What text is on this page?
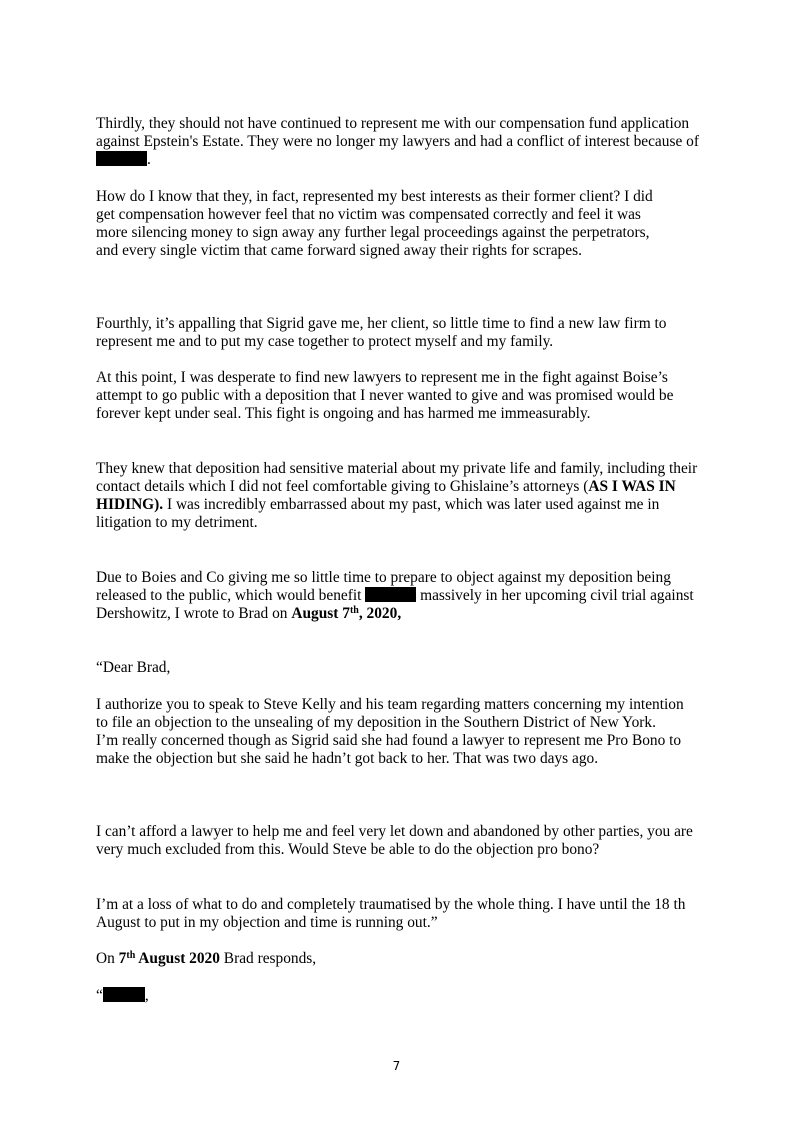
Thirdly, they should not have continued to represent me with our compensation fund application against Epstein's Estate. They were no longer my lawyers and had a conflict of interest because of .

How do I know that they, in fact, represented my best interests as their former client? I did get compensation however feel that no victim was compensated correctly and feel it was more silencing money to sign away any further legal proceedings against the perpetrators, and every single victim that came forward signed away their rights for scrapes.

Fourthly, it’s appalling that Sigrid gave me, her client, so little time to find a new law firm to represent me and to put my case together to protect myself and my family.

At this point, I was desperate to find new lawyers to represent me in the fight against Boise’s attempt to go public with a deposition that I never wanted to give and was promised would be forever kept under seal. This fight is ongoing and has harmed me immeasurably.

They knew that deposition had sensitive material about my private life and family, including their contact details which I did not feel comfortable giving to Ghislaine’s attorneys (AS I WAS IN HIDING). I was incredibly embarrassed about my past, which was later used against me in litigation to my detriment.

Due to Boies and Co giving me so little time to prepare to object against my deposition being released to the public, which would benefit	massively in her upcoming civil trial against Dershowitz, I wrote to Brad on August 7th, 2020,

“Dear Brad,

I authorize you to speak to Steve Kelly and his team regarding matters concerning my intention to file an objection to the unsealing of my deposition in the Southern District of New York.

I’m really concerned though as Sigrid said she had found a lawyer to represent me Pro Bono to make the objection but she said he hadn’t got back to her. That was two days ago.

I can’t afford a lawyer to help me and feel very let down and abandoned by other parties, you are very much excluded from this. Would Steve be able to do the objection pro bono?

I’m at a loss of what to do and completely traumatised by the whole thing. I have until the 18 th August to put in my objection and time is running out.”

On 7th August 2020 Brad responds,

“	,

7
